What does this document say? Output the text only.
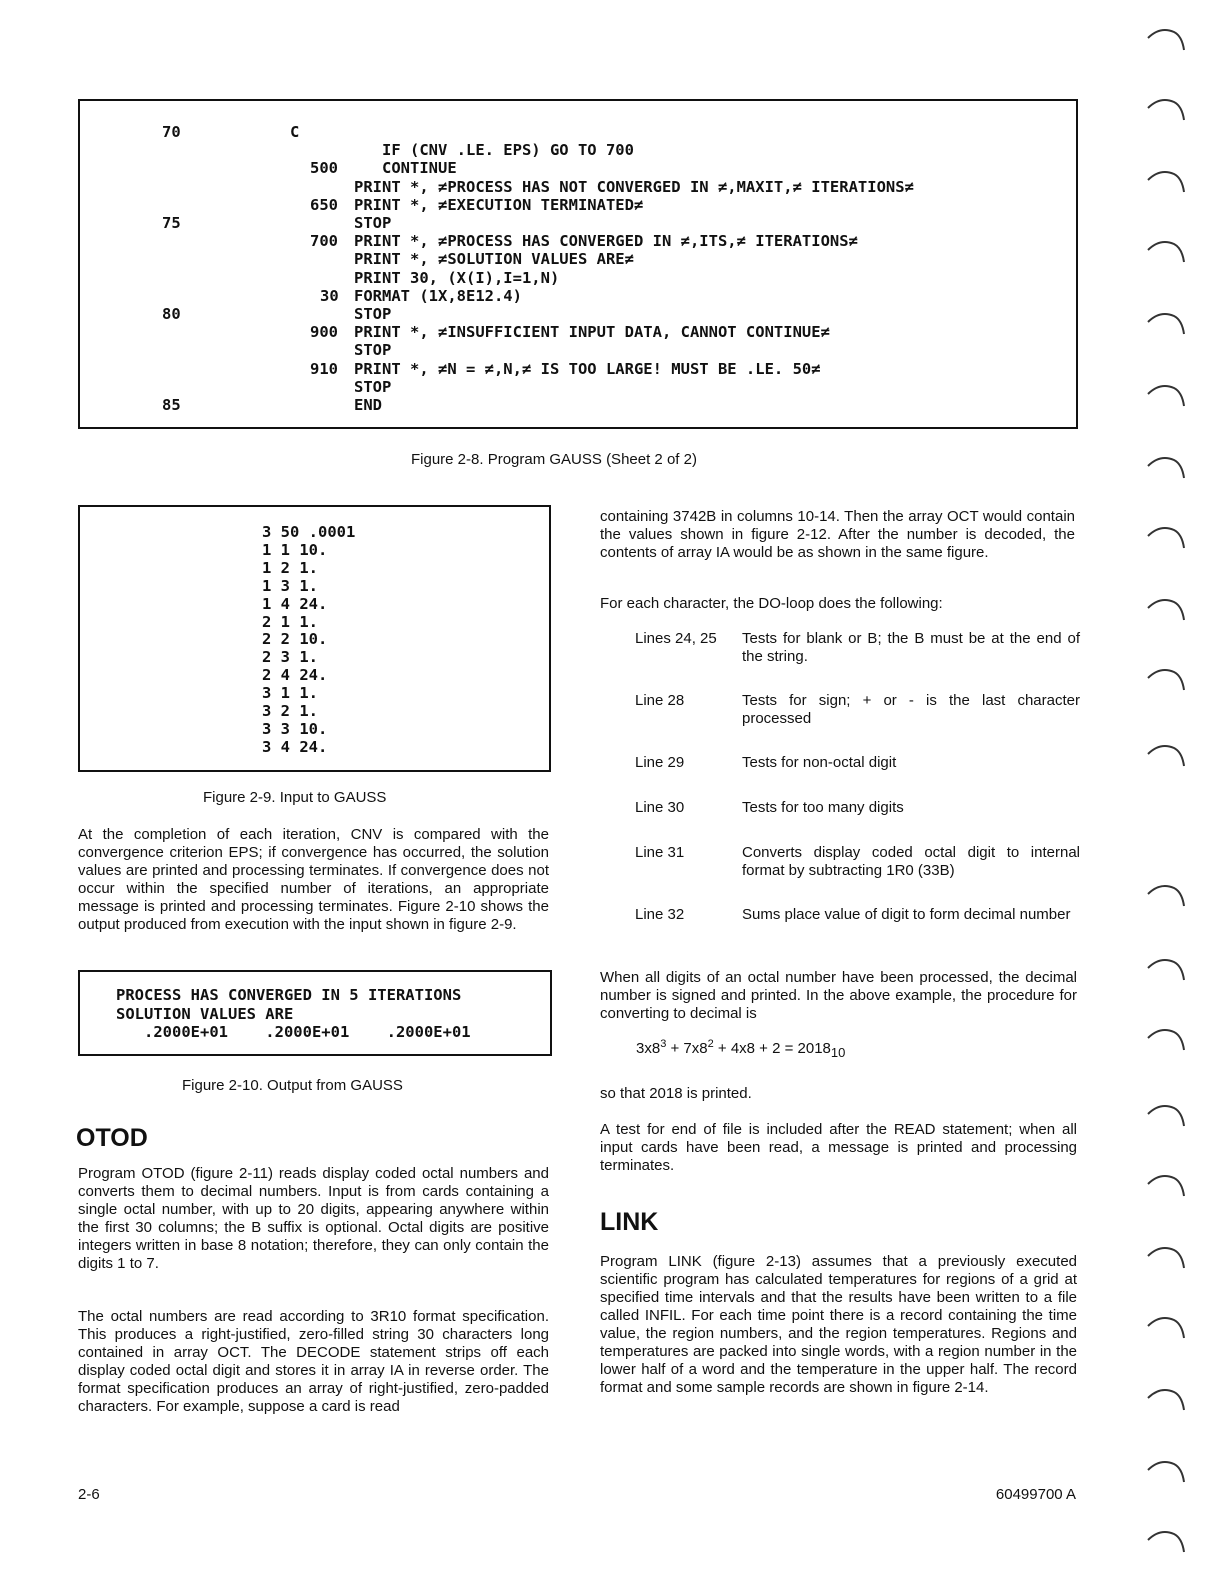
70	C
IF (CNV .LE. EPS) GO TO 700
500 CONTINUE
PRINT *, ≠PROCESS HAS NOT CONVERGED IN ≠,MAXIT,≠ ITERATIONS≠
650 PRINT *, ≠EXECUTION TERMINATED≠
75	STOP
700 PRINT *, ≠PROCESS HAS CONVERGED IN ≠,ITS,≠ ITERATIONS≠
PRINT *, ≠SOLUTION VALUES ARE≠
PRINT 30, (X(I),I=1,N)
30 FORMAT (1X,8E12.4)
80	STOP
900 PRINT *, ≠INSUFFICIENT INPUT DATA, CANNOT CONTINUE≠
STOP
910 PRINT *, ≠N = ≠,N,≠ IS TOO LARGE! MUST BE .LE. 50≠
STOP
85	END
Figure 2-8. Program GAUSS (Sheet 2 of 2)
3 50 .0001
1 1 10.
1 2 1.
1 3 1.
1 4 24.
2 1 1.
2 2 10.
2 3 1.
2 4 24.
3 1 1.
3 2 1.
3 3 10.
3 4 24.
Figure 2-9. Input to GAUSS
At the completion of each iteration, CNV is compared with the convergence criterion EPS; if convergence has occurred, the solution values are printed and processing terminates. If convergence does not occur within the specified number of iterations, an appropriate message is printed and processing terminates. Figure 2-10 shows the output produced from execution with the input shown in figure 2-9.
PROCESS HAS CONVERGED IN 5 ITERATIONS
SOLUTION VALUES ARE
.2000E+01    .2000E+01    .2000E+01
Figure 2-10. Output from GAUSS
OTOD
Program OTOD (figure 2-11) reads display coded octal numbers and converts them to decimal numbers. Input is from cards containing a single octal number, with up to 20 digits, appearing anywhere within the first 30 columns; the B suffix is optional. Octal digits are positive integers written in base 8 notation; therefore, they can only contain the digits 1 to 7.
The octal numbers are read according to 3R10 format specification. This produces a right-justified, zero-filled string 30 characters long contained in array OCT. The DECODE statement strips off each display coded octal digit and stores it in array IA in reverse order. The format specification produces an array of right-justified, zero-padded characters. For example, suppose a card is read
containing 3742B in columns 10-14. Then the array OCT would contain the values shown in figure 2-12. After the number is decoded, the contents of array IA would be as shown in the same figure.
For each character, the DO-loop does the following:
Lines 24, 25 Tests for blank or B; the B must be at the end of the string.
Line 28	Tests for sign; + or - is the last character processed
Line 29	Tests for non-octal digit
Line 30	Tests for too many digits
Line 31	Converts display coded octal digit to internal format by subtracting 1R0 (33B)
Line 32	Sums place value of digit to form decimal number
When all digits of an octal number have been processed, the decimal number is signed and printed. In the above example, the procedure for converting to decimal is
$3x8^3 + 7x8^2 + 4x8 + 2 = 2018_{10}$
so that 2018 is printed.
A test for end of file is included after the READ statement; when all input cards have been read, a message is printed and processing terminates.
LINK
Program LINK (figure 2-13) assumes that a previously executed scientific program has calculated temperatures for regions of a grid at specified time intervals and that the results have been written to a file called INFIL. For each time point there is a record containing the time value, the region numbers, and the region temperatures. Regions and temperatures are packed into single words, with a region number in the lower half of a word and the temperature in the upper half. The record format and some sample records are shown in figure 2-14.
2-6	60499700 A
